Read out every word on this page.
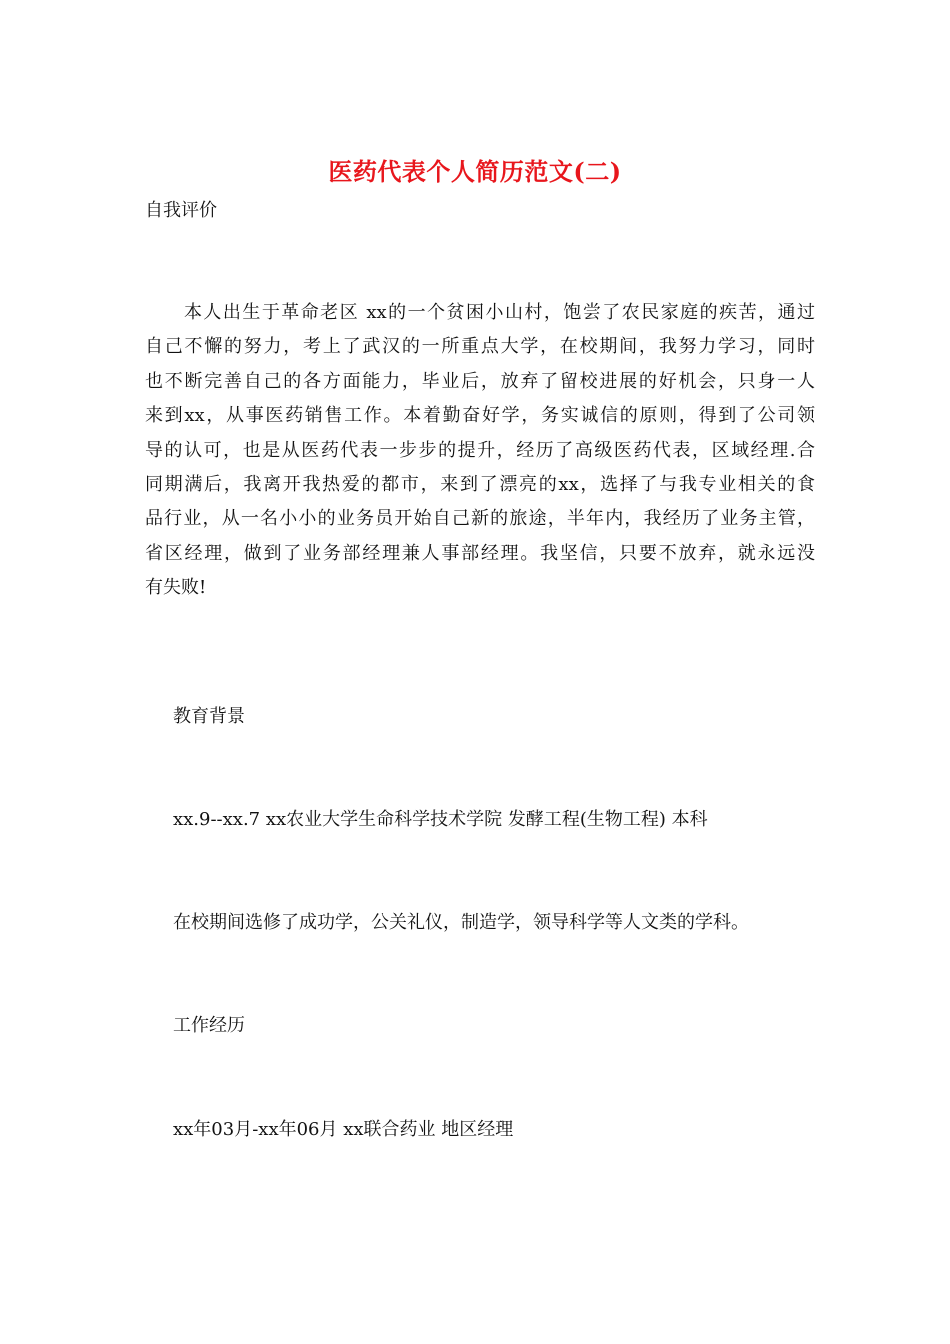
医药代表个人简历范文(二)
自我评价
　　本人出生于革命老区 xx的一个贫困小山村，饱尝了农民家庭的疾苦，通过
自己不懈的努力，考上了武汉的一所重点大学，在校期间，我努力学习，同时
也不断完善自己的各方面能力，毕业后，放弃了留校进展的好机会，只身一人
来到xx，从事医药销售工作。本着勤奋好学，务实诚信的原则，得到了公司领
导的认可，也是从医药代表一步步的提升，经历了高级医药代表，区域经理.合
同期满后，我离开我热爱的都市，来到了漂亮的xx，选择了与我专业相关的食
品行业，从一名小小的业务员开始自己新的旅途，半年内，我经历了业务主管，
省区经理，做到了业务部经理兼人事部经理。我坚信，只要不放弃，就永远没
有失败!
教育背景
xx.9--xx.7 xx农业大学生命科学技术学院 发酵工程(生物工程) 本科
在校期间选修了成功学，公关礼仪，制造学，领导科学等人文类的学科。
工作经历
xx年03月-xx年06月 xx联合药业 地区经理
